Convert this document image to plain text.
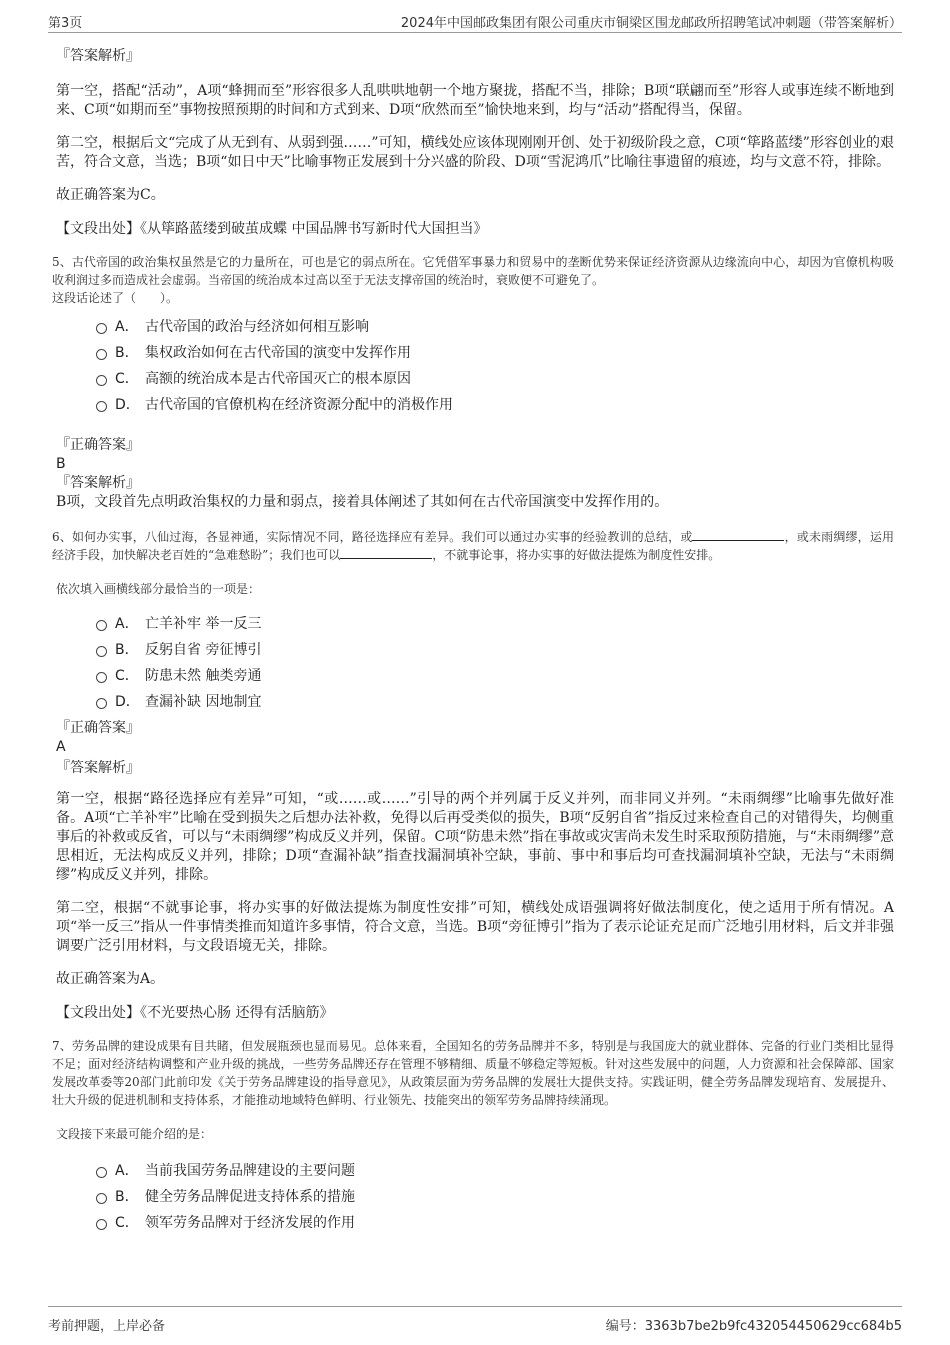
第3页	2024年中国邮政集团有限公司重庆市铜梁区围龙邮政所招聘笔试冲刺题（带答案解析）

『答案解析』

第一空，搭配“活动”，A项“蜂拥而至”形容很多人乱哄哄地朝一个地方聚拢，搭配不当，排除；B项“联翩而至”形容人或事连续不断地到来、C项“如期而至”事物按照预期的时间和方式到来、D项“欣然而至”愉快地来到，均与“活动”搭配得当，保留。

第二空，根据后文“完成了从无到有、从弱到强……”可知，横线处应该体现刚刚开创、处于初级阶段之意，C项“筚路蓝缕”形容创业的艰苦，符合文意，当选；B项“如日中天”比喻事物正发展到十分兴盛的阶段、D项“雪泥鸿爪”比喻往事遗留的痕迹，均与文意不符，排除。

故正确答案为C。

【文段出处】《从筚路蓝缕到破茧成蝶 中国品牌书写新时代大国担当》

5、古代帝国的政治集权虽然是它的力量所在，可也是它的弱点所在。它凭借军事暴力和贸易中的垄断优势来保证经济资源从边缘流向中心，却因为官僚机构吸收利润过多而造成社会虚弱。当帝国的统治成本过高以至于无法支撑帝国的统治时，衰败便不可避免了。

这段话论述了（　　）。

A． 古代帝国的政治与经济如何相互影响
B． 集权政治如何在古代帝国的演变中发挥作用
C． 高额的统治成本是古代帝国灭亡的根本原因
D． 古代帝国的官僚机构在经济资源分配中的消极作用

『正确答案』

B

『答案解析』

B项，文段首先点明政治集权的力量和弱点，接着具体阐述了其如何在古代帝国演变中发挥作用的。

6、如何办实事，八仙过海，各显神通，实际情况不同，路径选择应有差异。我们可以通过办实事的经验教训的总结，或	，或未雨绸缪，运用经济手段，加快解决老百姓的“急难愁盼”；我们也可以	，不就事论事，将办实事的好做法提炼为制度性安排。

依次填入画横线部分最恰当的一项是：

A． 亡羊补牢 举一反三
B． 反躬自省 旁征博引
C． 防患未然 触类旁通
D． 查漏补缺 因地制宜

『正确答案』

A

『答案解析』

第一空，根据“路径选择应有差异”可知，“或……或……”引导的两个并列属于反义并列，而非同义并列。“未雨绸缪”比喻事先做好准备。A项“亡羊补牢”比喻在受到损失之后想办法补救，免得以后再受类似的损失，B项“反躬自省”指反过来检查自己的对错得失，均侧重事后的补救或反省，可以与“未雨绸缪”构成反义并列，保留。C项“防患未然”指在事故或灾害尚未发生时采取预防措施，与“未雨绸缪”意思相近，无法构成反义并列，排除；D项“查漏补缺”指查找漏洞填补空缺，事前、事中和事后均可查找漏洞填补空缺，无法与“未雨绸缪”构成反义并列，排除。

第二空，根据“不就事论事，将办实事的好做法提炼为制度性安排”可知，横线处成语强调将好做法制度化，使之适用于所有情况。A项“举一反三”指从一件事情类推而知道许多事情，符合文意，当选。B项“旁征博引”指为了表示论证充足而广泛地引用材料，后文并非强调要广泛引用材料，与文段语境无关，排除。

故正确答案为A。

【文段出处】《不光要热心肠 还得有活脑筋》

7、劳务品牌的建设成果有目共睹，但发展瓶颈也显而易见。总体来看，全国知名的劳务品牌并不多，特别是与我国庞大的就业群体、完备的行业门类相比显得不足；面对经济结构调整和产业升级的挑战，一些劳务品牌还存在管理不够精细、质量不够稳定等短板。针对这些发展中的问题，人力资源和社会保障部、国家发展改革委等20部门此前印发《关于劳务品牌建设的指导意见》，从政策层面为劳务品牌的发展壮大提供支持。实践证明，健全劳务品牌发现培育、发展提升、壮大升级的促进机制和支持体系，才能推动地域特色鲜明、行业领先、技能突出的领军劳务品牌持续涌现。

文段接下来最可能介绍的是：

A． 当前我国劳务品牌建设的主要问题
B． 健全劳务品牌促进支持体系的措施
C． 领军劳务品牌对于经济发展的作用
考前押题，上岸必备	编号：3363b7be2b9fc432054450629cc684b5
